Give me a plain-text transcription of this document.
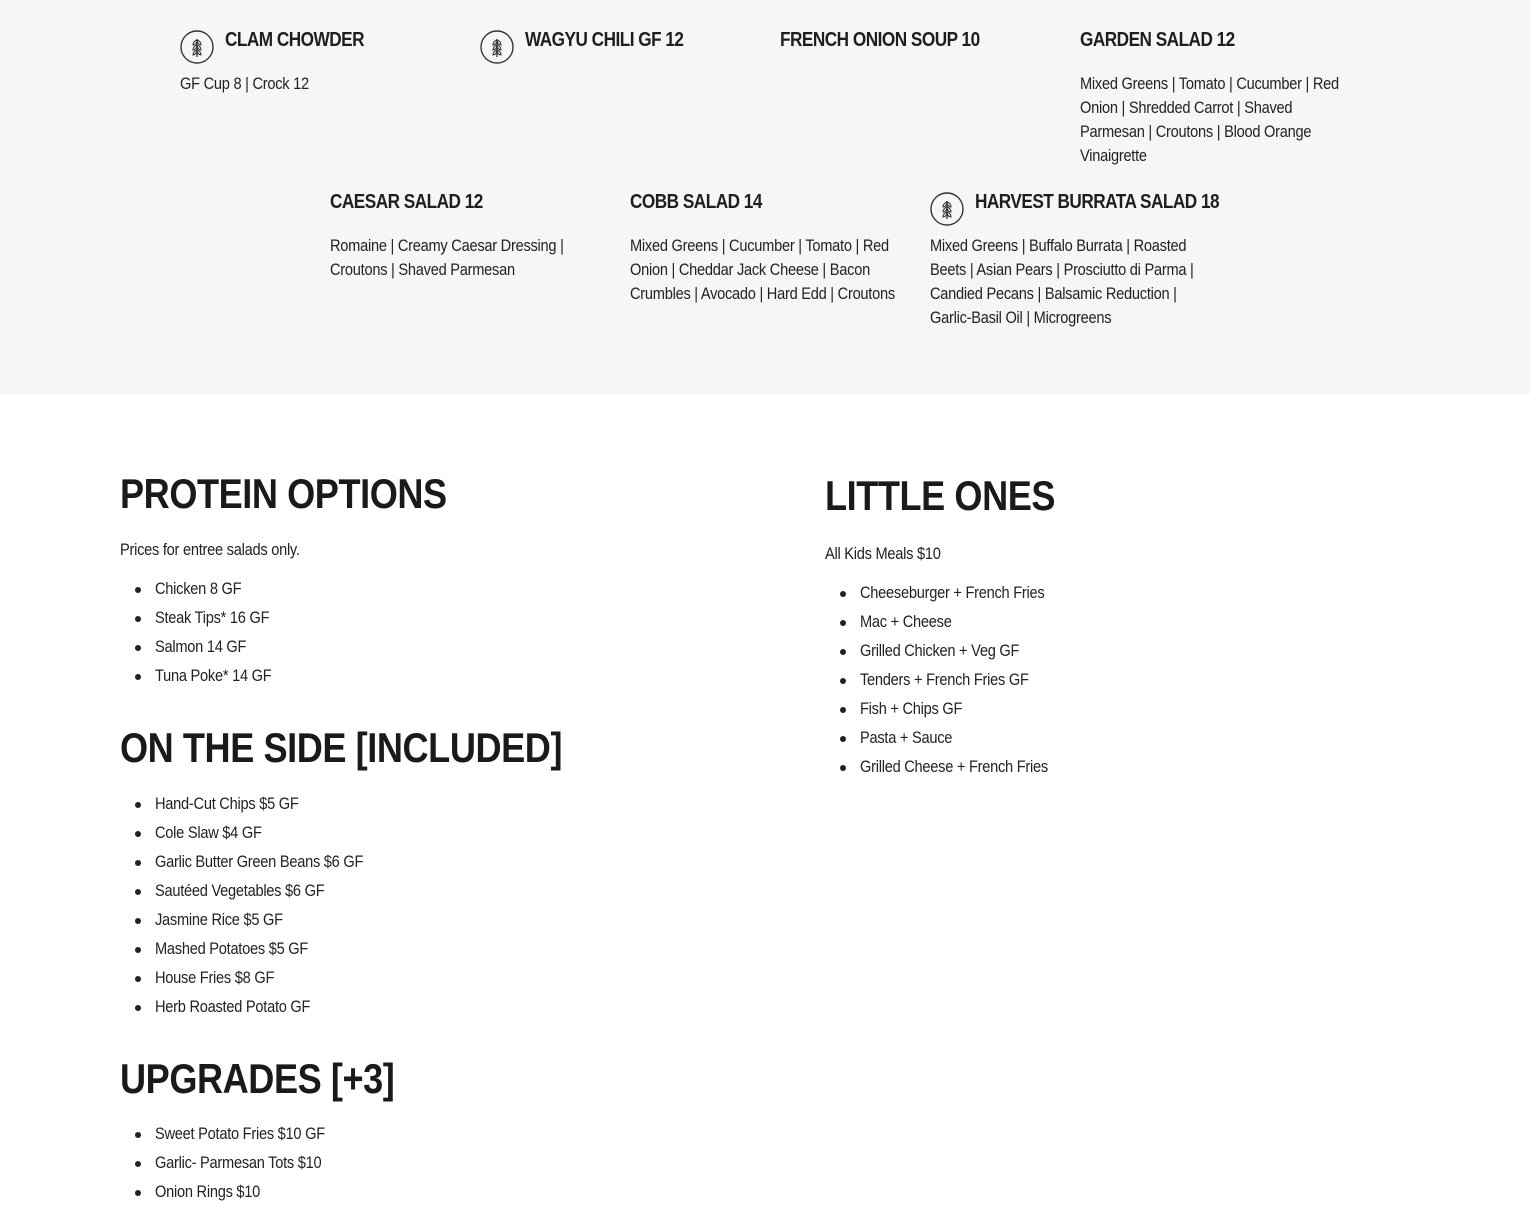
CLAM CHOWDER
GF Cup 8 | Crock 12
WAGYU CHILI GF 12	FRENCH ONION SOUP 10	GARDEN SALAD 12
Mixed Greens | Tomato | Cucumber | Red Onion | Shredded Carrot | Shaved Parmesan | Croutons | Blood Orange Vinaigrette
CAESAR SALAD 12
Romaine | Creamy Caesar Dressing | Croutons | Shaved Parmesan
COBB SALAD 14
Mixed Greens | Cucumber | Tomato | Red Onion | Cheddar Jack Cheese | Bacon Crumbles | Avocado | Hard Edd | Croutons
HARVEST BURRATA SALAD 18
Mixed Greens | Buffalo Burrata | Roasted Beets | Asian Pears | Prosciutto di Parma | Candied Pecans | Balsamic Reduction | Garlic-Basil Oil | Microgreens
PROTEIN OPTIONS

Prices for entree salads only.

Chicken 8 GF
Steak Tips* 16 GF
Salmon 14 GF
Tuna Poke* 14 GF
ON THE SIDE [INCLUDED]
Hand-Cut Chips $5 GF
Cole Slaw $4 GF
Garlic Butter Green Beans $6 GF
Sautéed Vegetables $6 GF
Jasmine Rice $5 GF
Mashed Potatoes $5 GF
House Fries $8 GF
Herb Roasted Potato GF
UPGRADES [+3]
Sweet Potato Fries $10 GF
Garlic- Parmesan Tots $10
Onion Rings $10
LITTLE ONES

All Kids Meals $10

Cheeseburger + French Fries
Mac + Cheese
Grilled Chicken + Veg GF
Tenders + French Fries GF
Fish + Chips GF
Pasta + Sauce
Grilled Cheese + French Fries
